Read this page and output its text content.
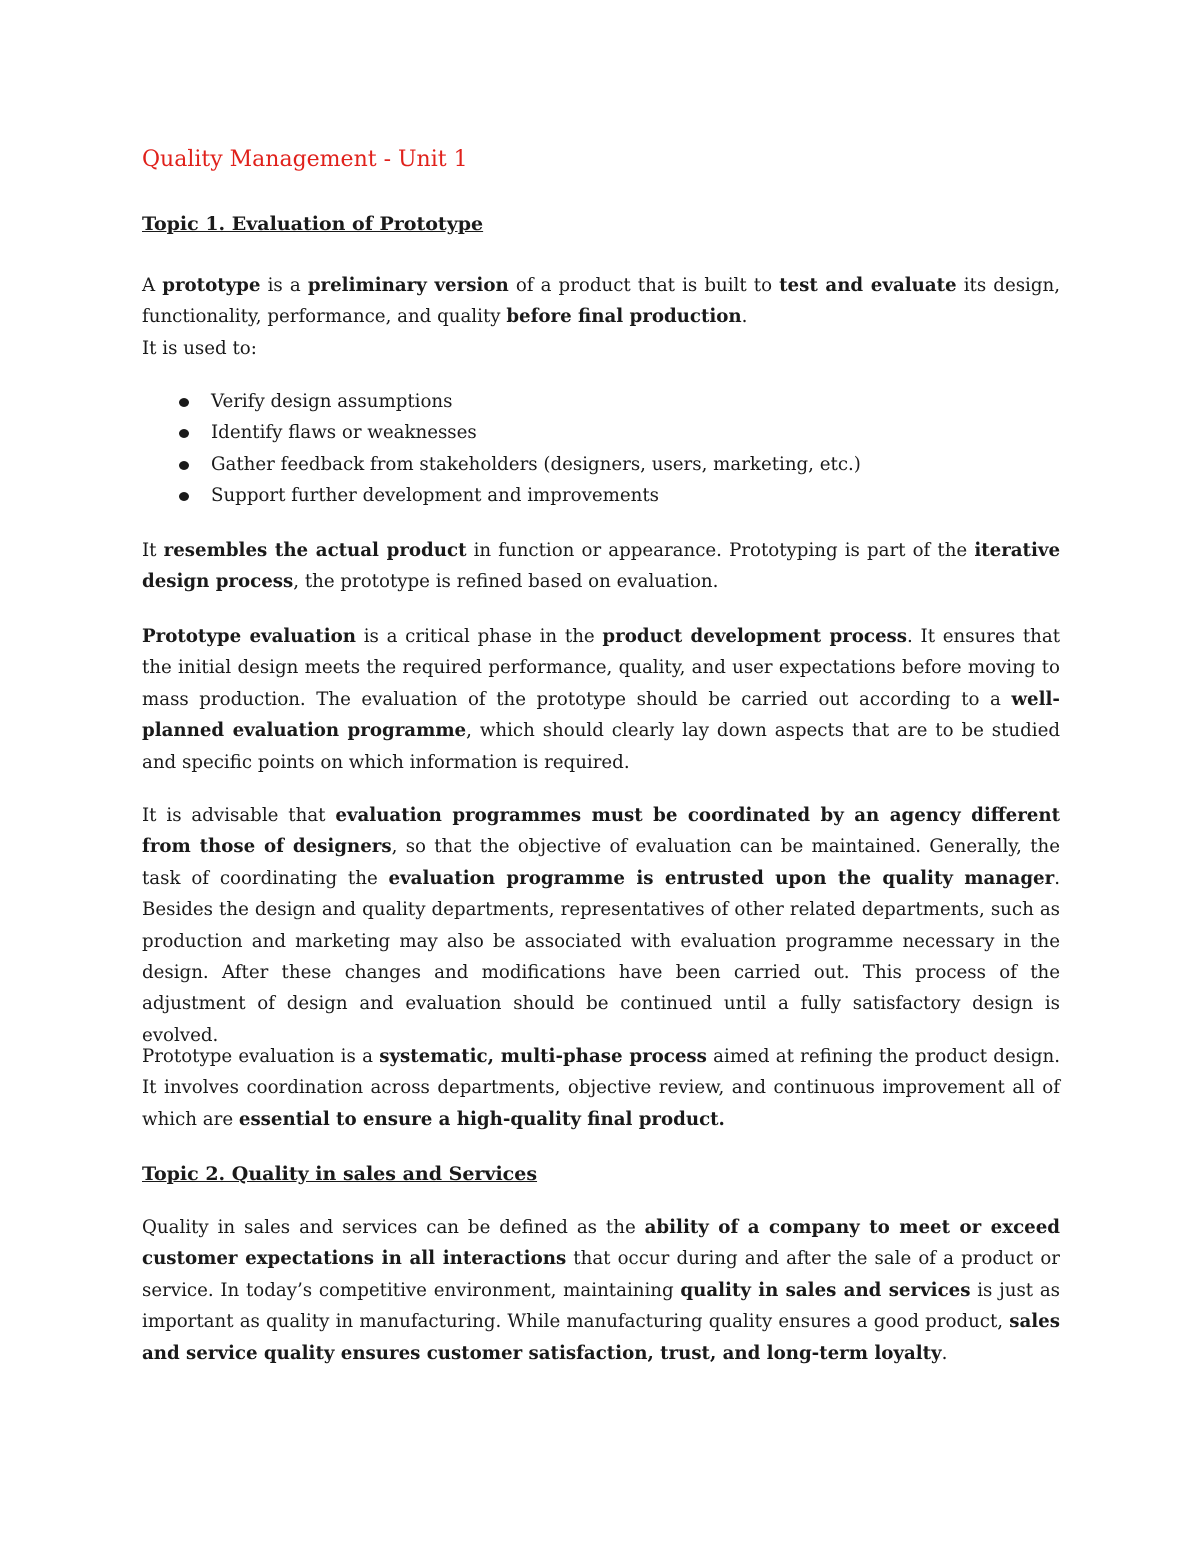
Quality Management - Unit 1
Topic 1. Evaluation of Prototype

A prototype is a preliminary version of a product that is built to test and evaluate its design, functionality, performance, and quality before final production.

It is used to:

Verify design assumptions
Identify flaws or weaknesses
Gather feedback from stakeholders (designers, users, marketing, etc.)
Support further development and improvements

It resembles the actual product in function or appearance. Prototyping is part of the iterative design process, the prototype is refined based on evaluation.

Prototype evaluation is a critical phase in the product development process. It ensures that the initial design meets the required performance, quality, and user expectations before moving to mass production. The evaluation of the prototype should be carried out according to a well-planned evaluation programme, which should clearly lay down aspects that are to be studied and specific points on which information is required.

It is advisable that evaluation programmes must be coordinated by an agency different from those of designers, so that the objective of evaluation can be maintained. Generally, the task of coordinating the evaluation programme is entrusted upon the quality manager. Besides the design and quality departments, representatives of other related departments, such as production and marketing may also be associated with evaluation programme necessary in the design. After these changes and modifications have been carried out. This process of the adjustment of design and evaluation should be continued until a fully satisfactory design is evolved.

Prototype evaluation is a systematic, multi-phase process aimed at refining the product design. It involves coordination across departments, objective review, and continuous improvement all of which are essential to ensure a high-quality final product.

Topic 2. Quality in sales and Services

Quality in sales and services can be defined as the ability of a company to meet or exceed customer expectations in all interactions that occur during and after the sale of a product or service. In today’s competitive environment, maintaining quality in sales and services is just as important as quality in manufacturing. While manufacturing quality ensures a good product, sales and service quality ensures customer satisfaction, trust, and long-term loyalty.
